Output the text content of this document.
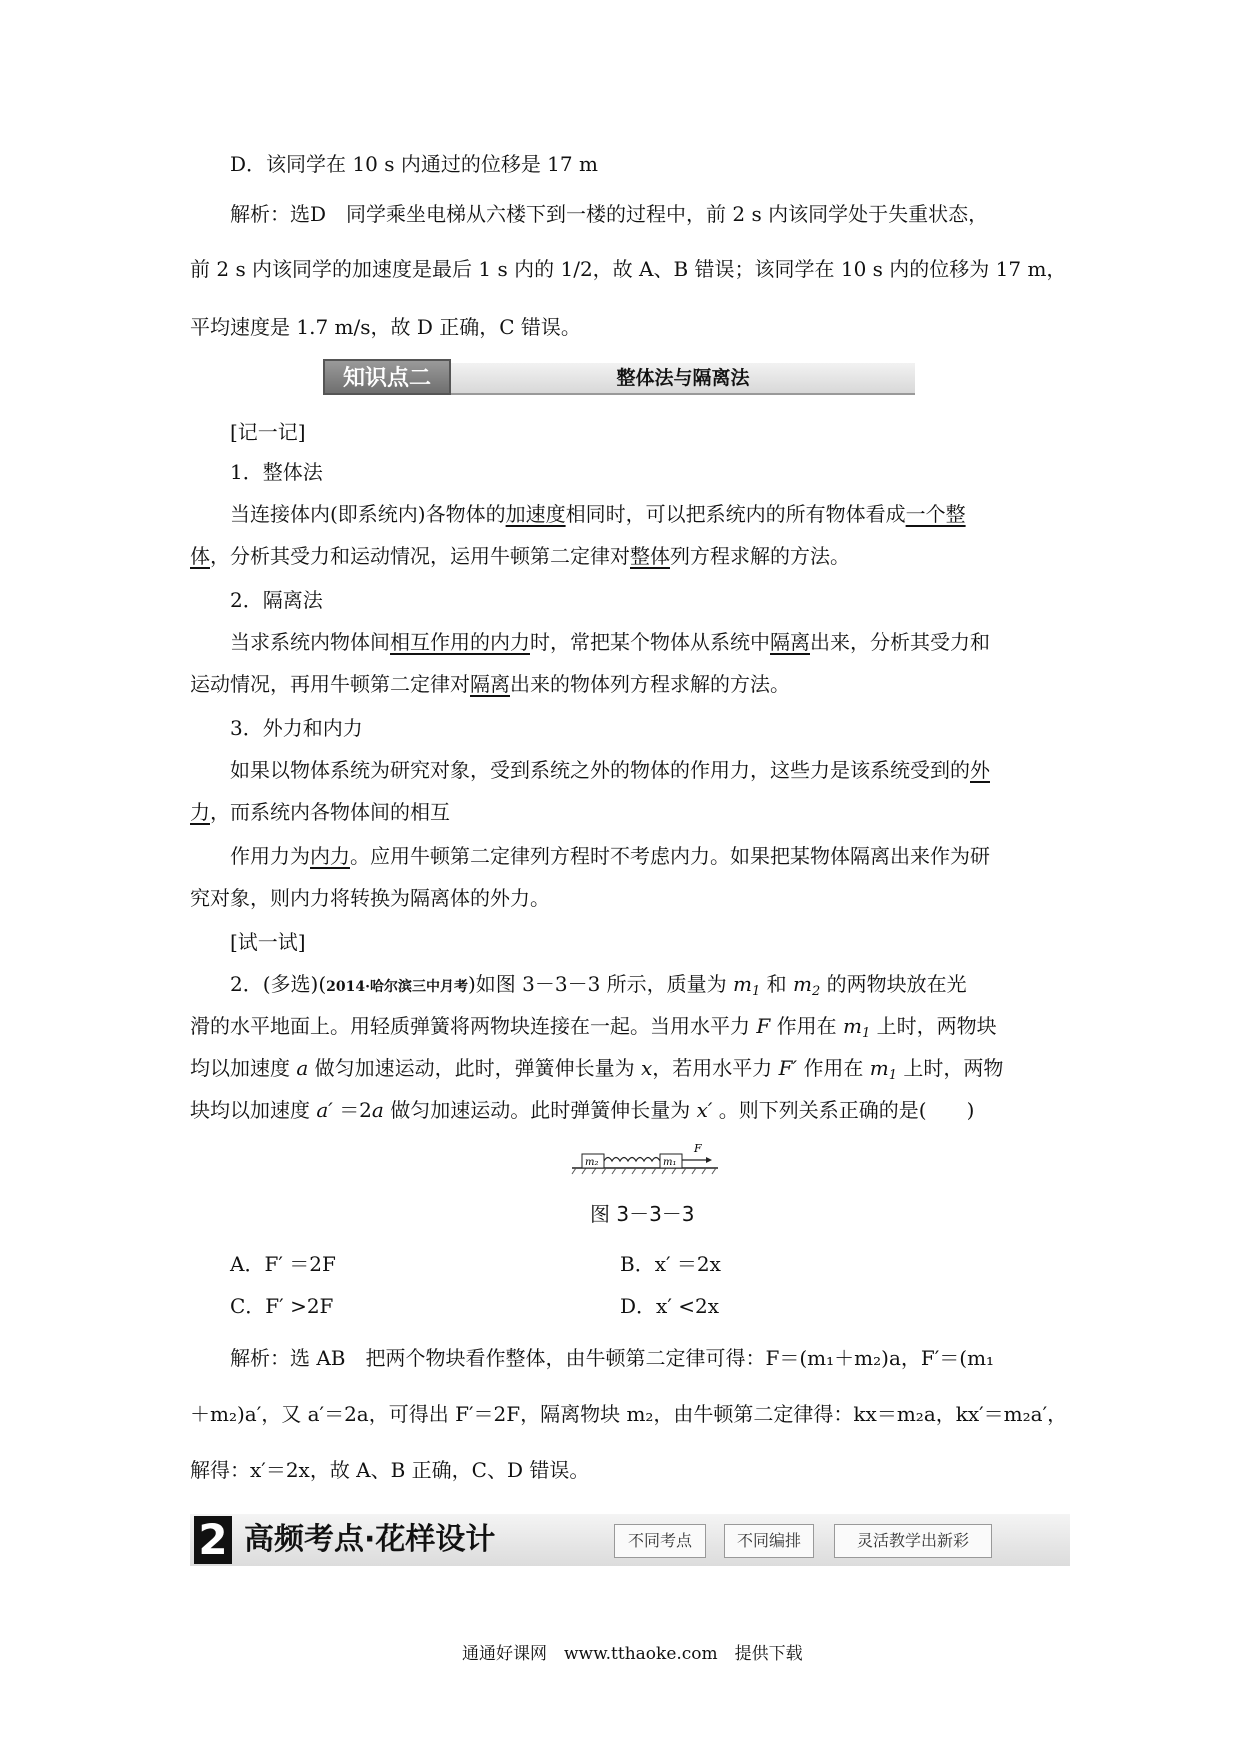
D．该同学在 10 s 内通过的位移是 17 m
解析：选D　同学乘坐电梯从六楼下到一楼的过程中，前 2 s 内该同学处于失重状态，
前 2 s 内该同学的加速度是最后 1 s 内的 1/2，故 A、B 错误；该同学在 10 s 内的位移为 17 m，
平均速度是 1.7 m/s，故 D 正确，C 错误。
知识点二	整体法与隔离法
[记一记]
1．整体法
当连接体内(即系统内)各物体的加速度相同时，可以把系统内的所有物体看成一个整
体，分析其受力和运动情况，运用牛顿第二定律对整体列方程求解的方法。
2．隔离法
当求系统内物体间相互作用的内力时，常把某个物体从系统中隔离出来，分析其受力和
运动情况，再用牛顿第二定律对隔离出来的物体列方程求解的方法。
3．外力和内力
如果以物体系统为研究对象，受到系统之外的物体的作用力，这些力是该系统受到的外
力，而系统内各物体间的相互
作用力为内力。应用牛顿第二定律列方程时不考虑内力。如果把某物体隔离出来作为研
究对象，则内力将转换为隔离体的外力。
[试一试]
2．(多选)(2014·哈尔滨三中月考)如图 3－3－3 所示，质量为 $m_1$ 和 $m_2$ 的两物块放在光
滑的水平地面上。用轻质弹簧将两物块连接在一起。当用水平力 F 作用在 $m_1$ 上时，两物块
均以加速度 a 做匀加速运动，此时，弹簧伸长量为 x，若用水平力 F′ 作用在 $m_1$ 上时，两物
块均以加速度 a′ ＝2a 做匀加速运动。此时弹簧伸长量为 x′ 。则下列关系正确的是(　　)
m₂	m₁
F
图 3－3－3
A．F′ ＝2F	B．x′ ＝2x
C．F′ >2F	D．x′ <2x
解析：选 AB　把两个物块看作整体，由牛顿第二定律可得：F＝(m₁＋m₂)a，F′＝(m₁
＋m₂)a′，又 a′＝2a，可得出 F′＝2F，隔离物块 m₂，由牛顿第二定律得：kx＝m₂a，kx′＝m₂a′，
解得：x′＝2x，故 A、B 正确，C、D 错误。
2 高频考点·花样设计	不同考点	不同编排	灵活教学出新彩
通通好课网　www.tthaoke.com　提供下载
